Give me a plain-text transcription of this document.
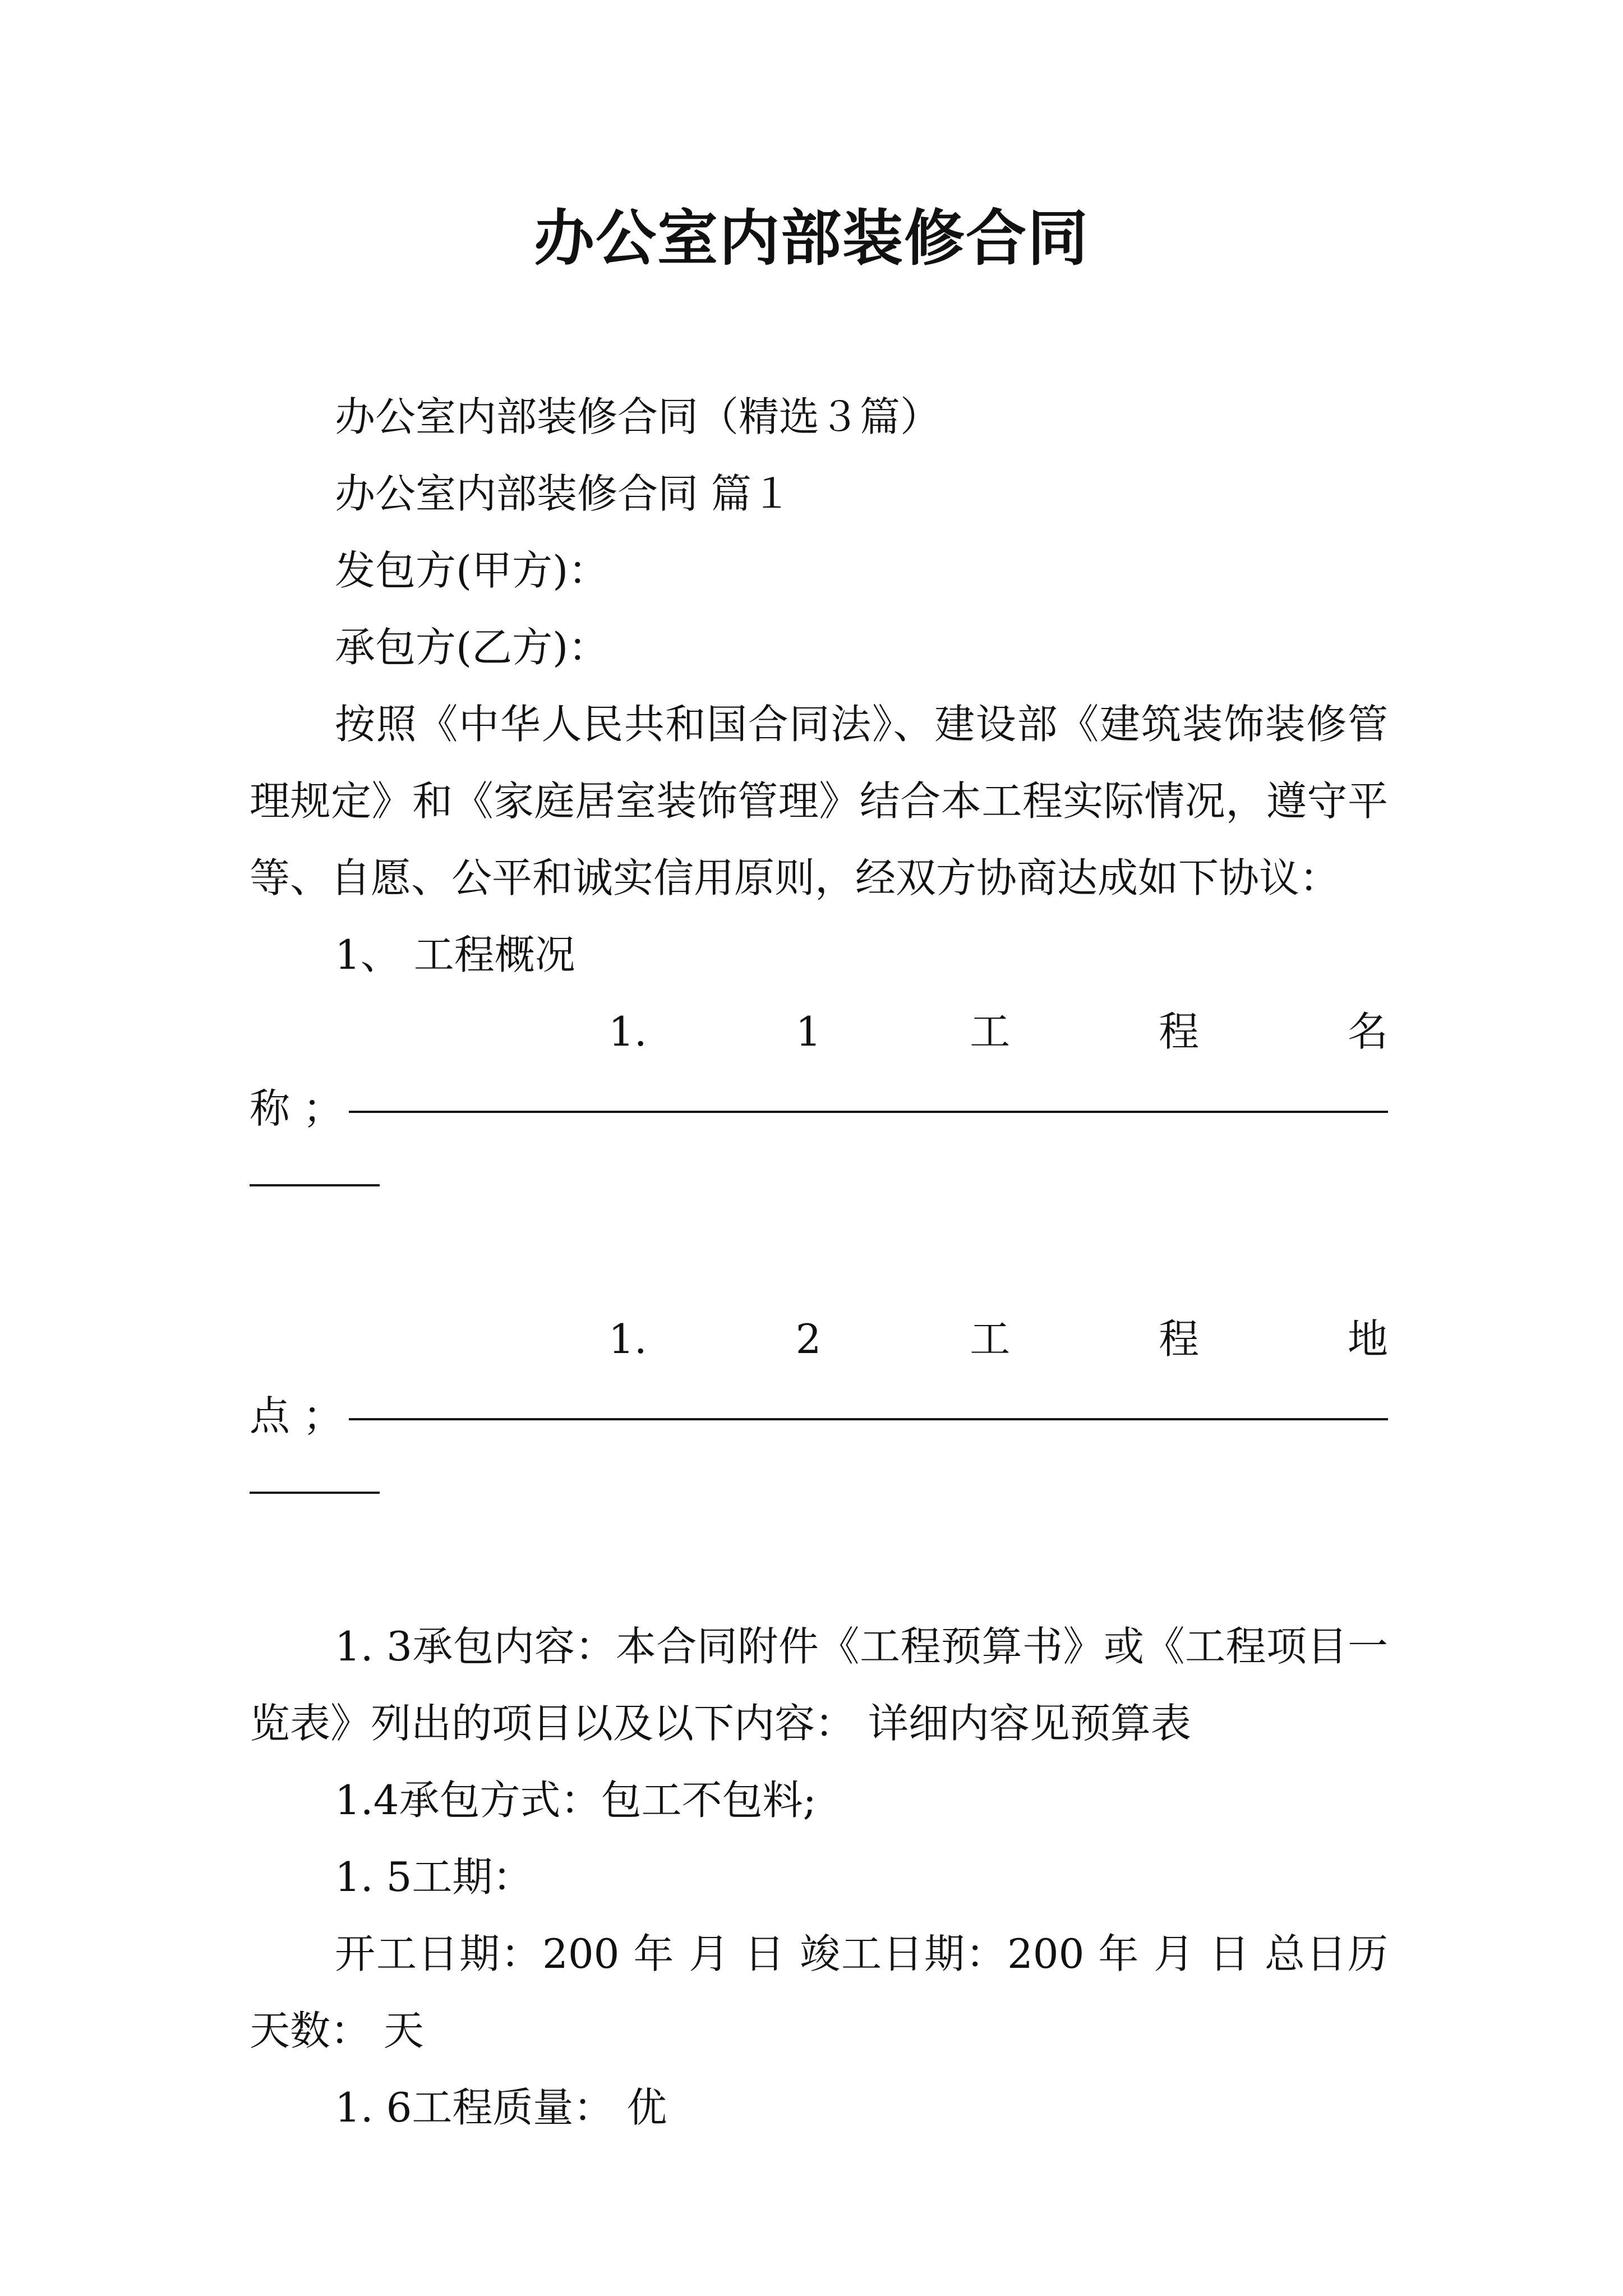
办公室内部装修合同

办公室内部装修合同（精选３篇）

办公室内部装修合同 篇１

发包方(甲方)：

承包方(乙方)：

按照《中华人民共和国合同法》、建设部《建筑装饰装修管理规定》和《家庭居室装饰管理》结合本工程实际情况，遵守平等、自愿、公平和诚实信用原则，经双方协商达成如下协议：

1、 工程概况

1.	1	工	程	名
称 ；
1.	2	工	程	地
点 ；

1. 3承包内容：本合同附件《工程预算书》或《工程项目一览表》列出的项目以及以下内容： 详细内容见预算表

1.4承包方式：包工不包料;

1. 5工期：

开工日期：200 年 月 日 竣工日期：200 年 月 日 总日历天数： 天

1. 6工程质量： 优
